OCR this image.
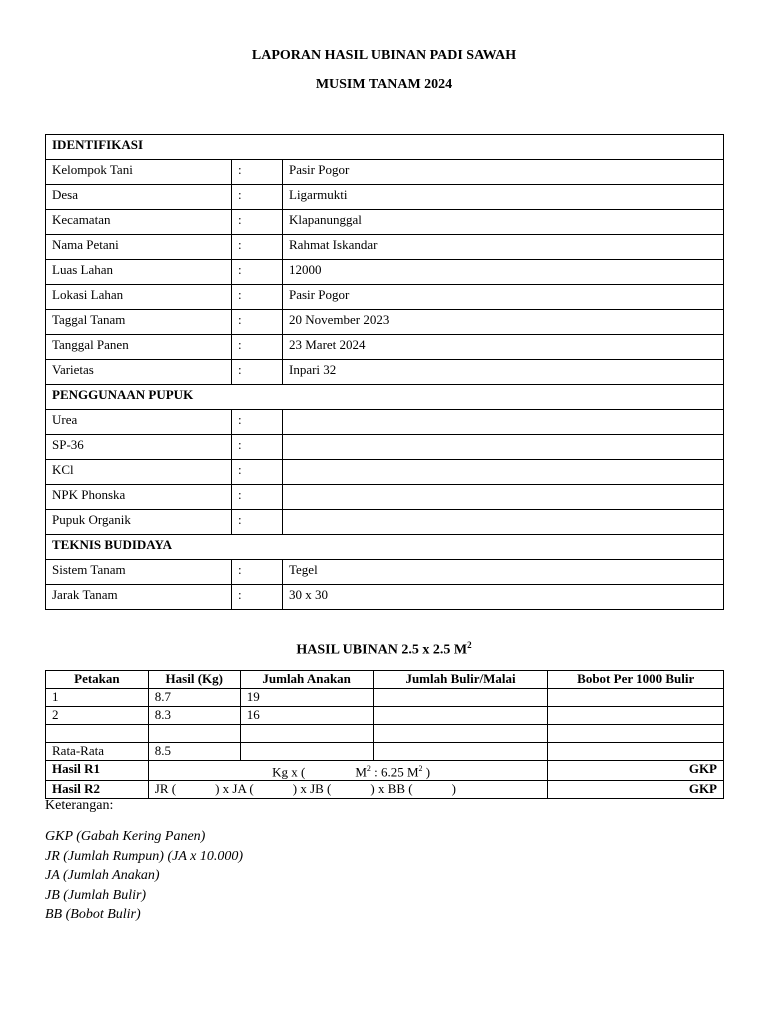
LAPORAN HASIL UBINAN PADI SAWAH
MUSIM TANAM 2024
IDENTIFIKASI		
Kelompok Tani	:	Pasir Pogor
Desa	:	Ligarmukti
Kecamatan	:	Klapanunggal
Nama Petani	:	Rahmat Iskandar
Luas Lahan	:	12000
Lokasi Lahan	:	Pasir Pogor
Taggal Tanam	:	20 November 2023
Tanggal Panen	:	23 Maret 2024
Varietas	:	Inpari 32
PENGGUNAAN PUPUK		
Urea	:	
SP-36	:	
KCl	:	
NPK Phonska	:	
Pupuk Organik	:	
TEKNIS BUDIDAYA		
Sistem Tanam	:	Tegel
Jarak Tanam	:	30 x 30
HASIL UBINAN 2.5 x 2.5 $M^2$
Petakan	Hasil (Kg)	Jumlah Anakan	Jumlah Bulir/Malai	Bobot Per 1000 Bulir
1	8.7	19		
2	8.3	16		

Rata-Rata	8.5			
Hasil R1	Kg x ( $M^2$ : 6.25 $M^2$ )			GKP
Hasil R2	JR (            ) x JA (            ) x JB (            ) x BB (            )			GKP
Keterangan:
GKP (Gabah Kering Panen)
JR (Jumlah Rumpun) (JA x 10.000)
JA (Jumlah Anakan)
JB (Jumlah Bulir)
BB (Bobot Bulir)
